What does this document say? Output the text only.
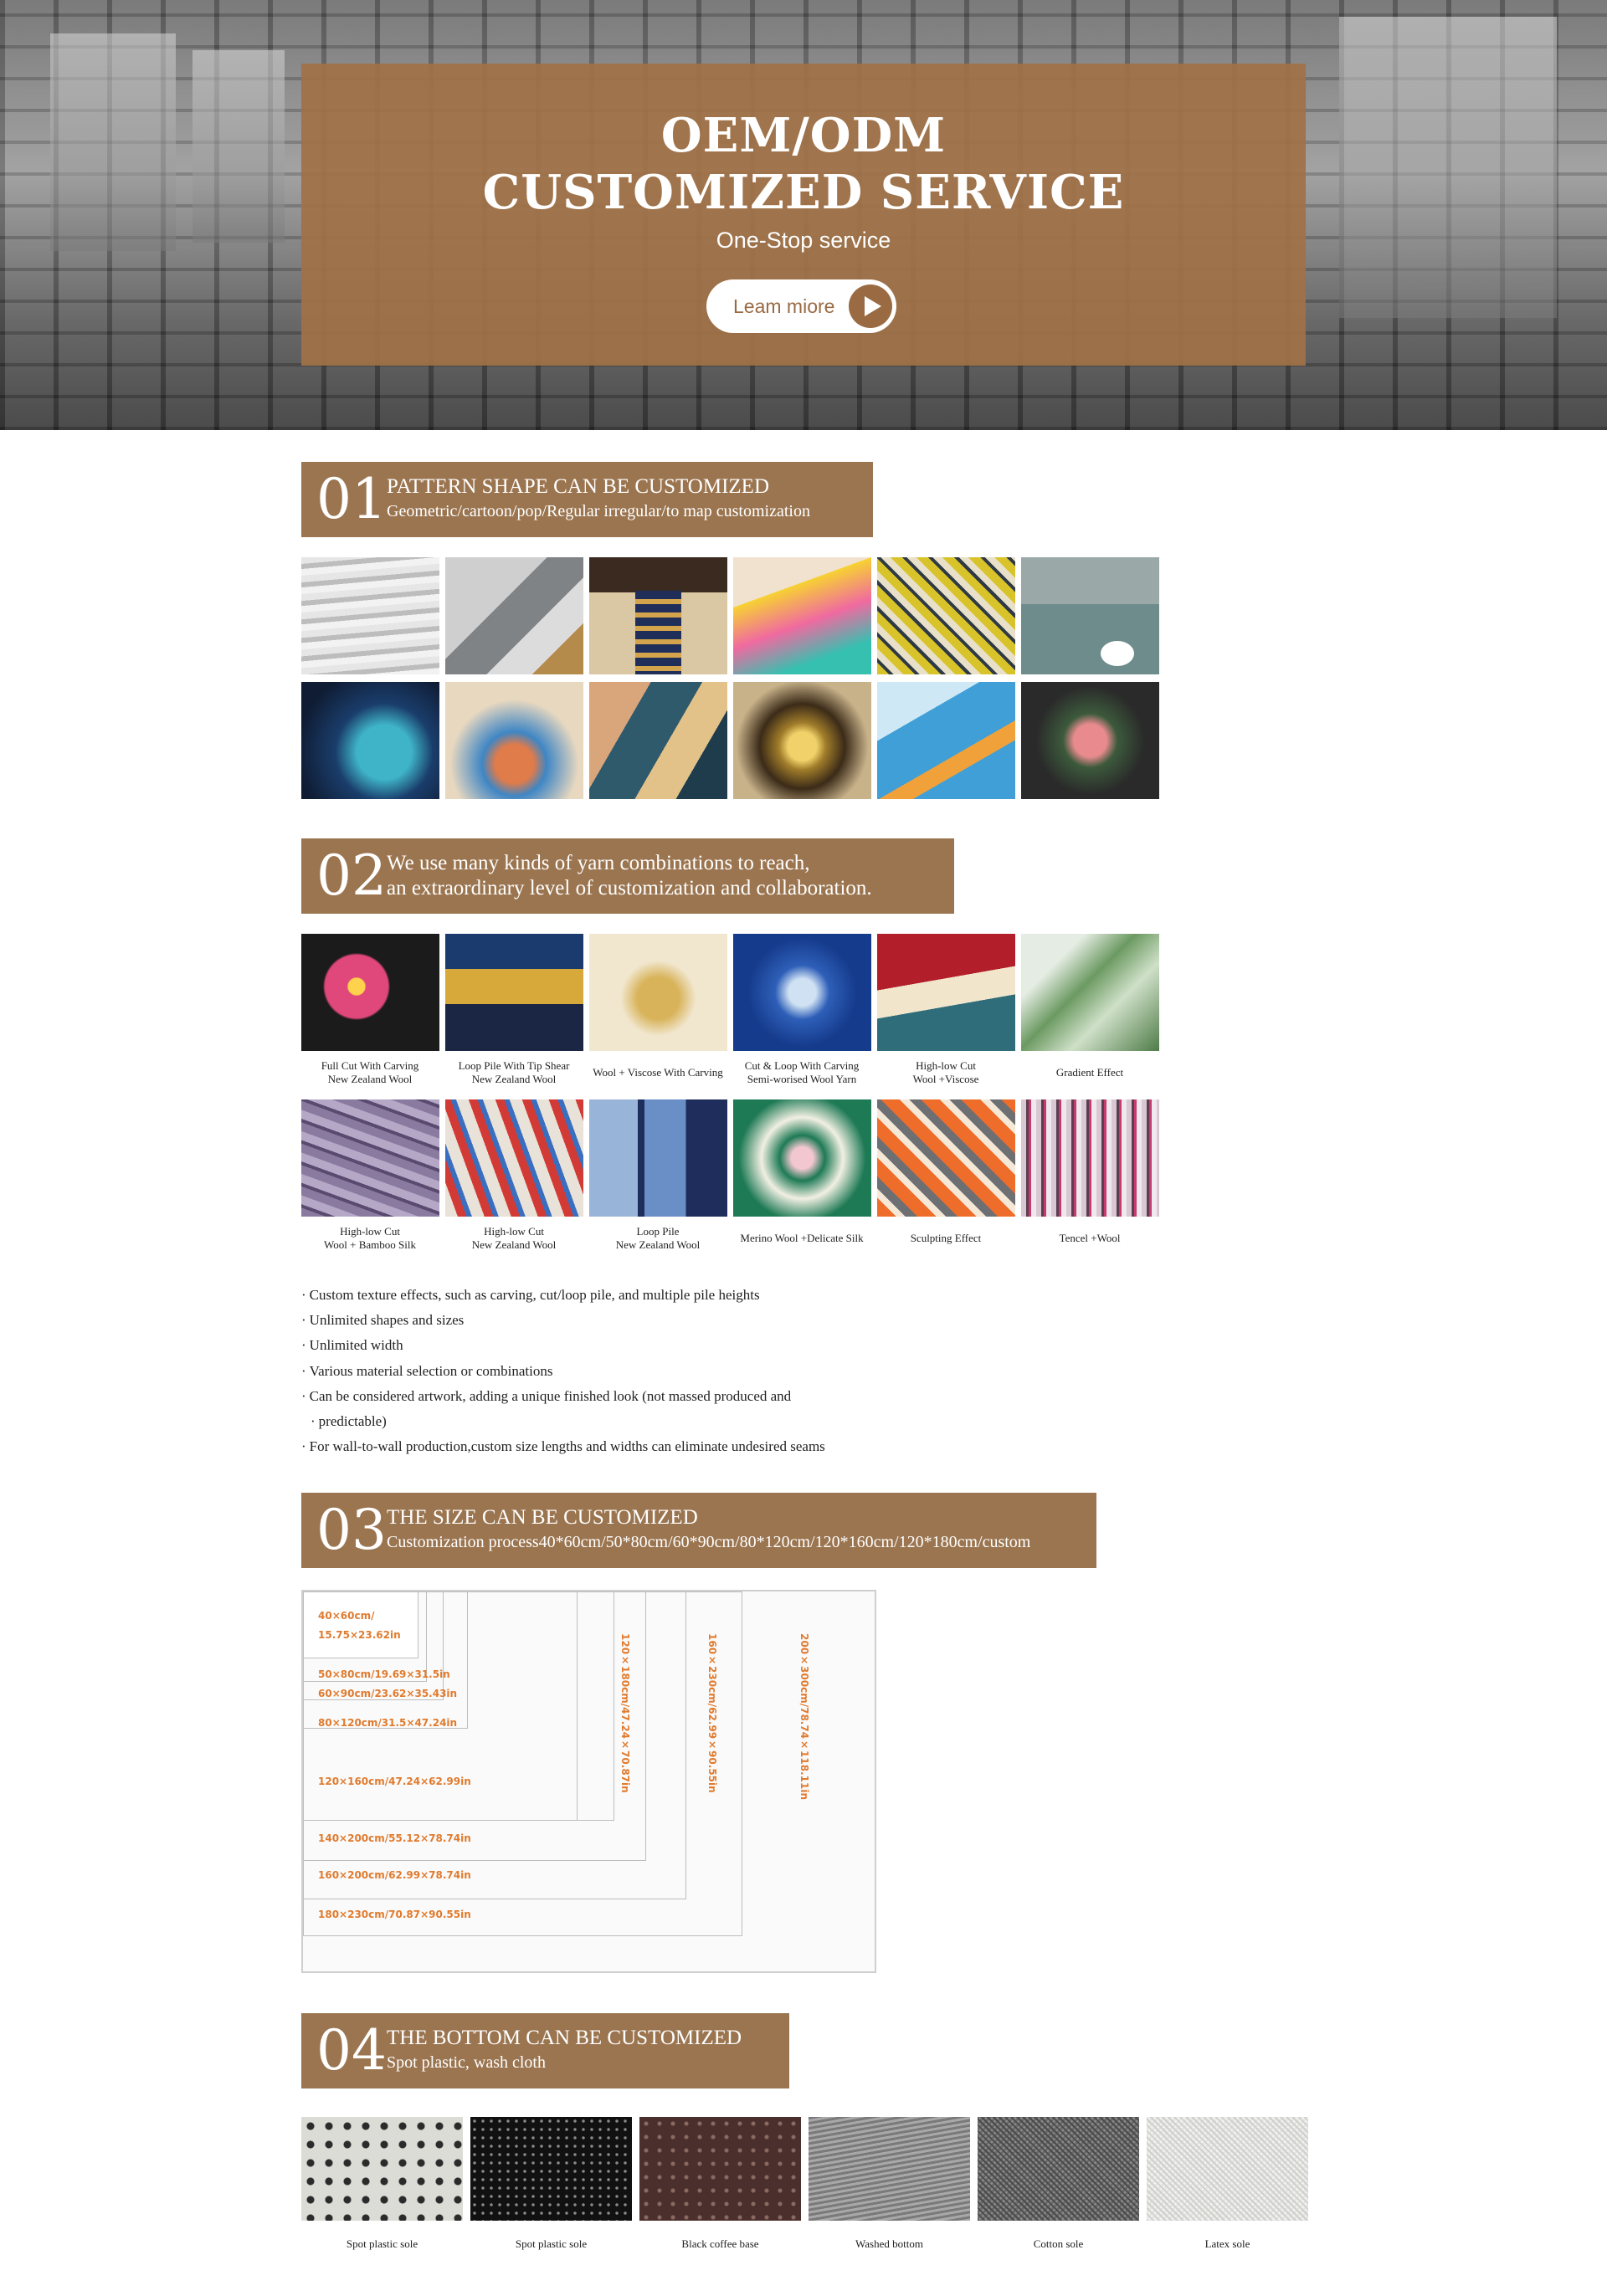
OEM/ODM
CUSTOMIZED SERVICE
One-Stop service
Leam miore
01 PATTERN SHAPE CAN BE CUSTOMIZED
Geometric/cartoon/pop/Regular irregular/to map customization
02 We use many kinds of yarn combinations to reach,
an extraordinary level of customization and collaboration.
Full Cut With Carving
New Zealand Wool
Loop Pile With Tip Shear
New Zealand Wool
Wool + Viscose With Carving
Cut & Loop With Carving
Semi-worised Wool Yarn
High-low Cut
Wool +Viscose
Gradient Effect
High-low Cut
Wool + Bamboo Silk
High-low Cut
New Zealand Wool
Loop Pile
New Zealand Wool
Merino Wool +Delicate Silk	Sculpting Effect	Tencel +Wool
· Custom texture effects, such as carving, cut/loop pile, and multiple pile heights
· Unlimited shapes and sizes
· Unlimited width
· Various material selection or combinations
· Can be considered artwork, adding a unique finished look (not massed produced and
· predictable)
· For wall-to-wall production,custom size lengths and widths can eliminate undesired seams
03 THE SIZE CAN BE CUSTOMIZED
Customization process40*60cm/50*80cm/60*90cm/80*120cm/120*160cm/120*180cm/custom
40×60cm/
15.75×23.62in
50×80cm/19.69×31.5in
60×90cm/23.62×35.43in
80×120cm/31.5×47.24in
120×160cm/47.24×62.99in
140×200cm/55.12×78.74in
160×200cm/62.99×78.74in
180×230cm/70.87×90.55in
120×180cm/47.24×70.87in	160×230cm/62.99×90.55in	200×300cm/78.74×118.11in
04 THE BOTTOM CAN BE CUSTOMIZED
Spot plastic, wash cloth
Spot plastic sole	Spot plastic sole	Black coffee base	Washed bottom	Cotton sole	Latex sole
